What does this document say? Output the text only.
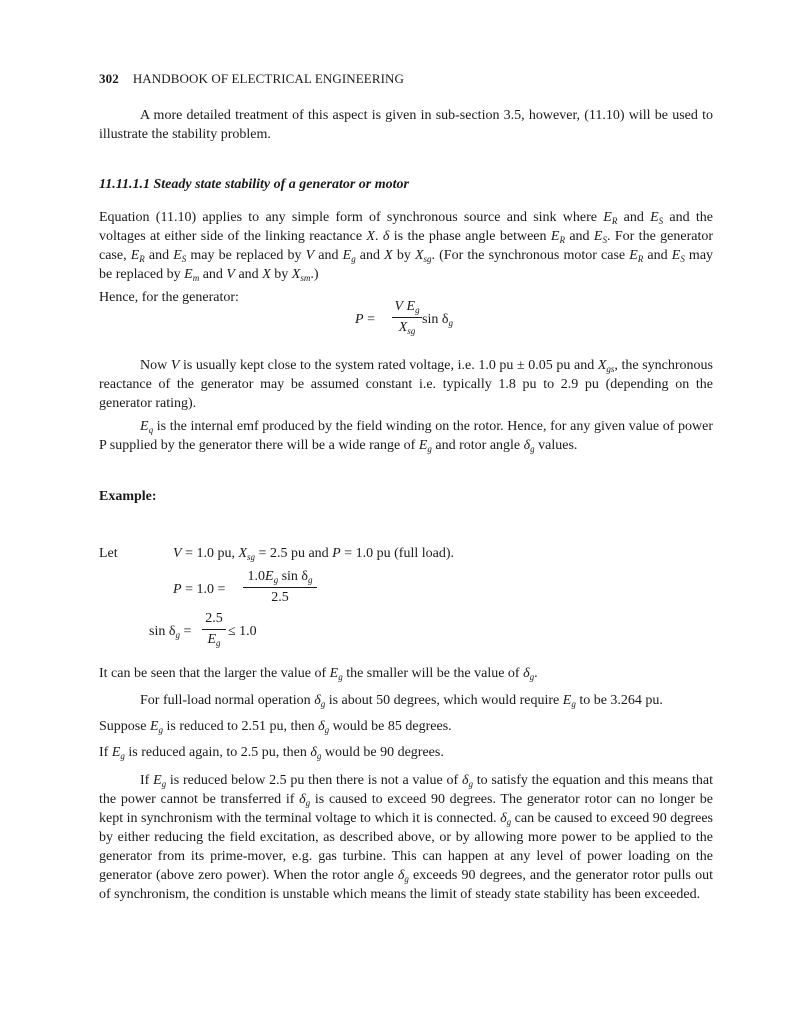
302 HANDBOOK OF ELECTRICAL ENGINEERING

A more detailed treatment of this aspect is given in sub-section 3.5, however, (11.10) will be used to illustrate the stability problem.

11.11.1.1 Steady state stability of a generator or motor

Equation (11.10) applies to any simple form of synchronous source and sink where $E_R$ and $E_S$ and the voltages at either side of the linking reactance X. δ is the phase angle between $E_R$ and $E_S$. For the generator case, $E_R$ and $E_S$ may be replaced by V and $E_g$ and X by $X_{sg}$. (For the synchronous motor case $E_R$ and $E_S$ may be replaced by $E_m$ and V and X by $X_{sm}$.)

Hence, for the generator:
P =
V $E_g$
$X_{sg}$
$\sin \delta_g$

Now V is usually kept close to the system rated voltage, i.e. 1.0 pu ± 0.05 pu and $X_{gs}$, the synchronous reactance of the generator may be assumed constant i.e. typically 1.8 pu to 2.9 pu (depending on the generator rating).

$E_q$ is the internal emf produced by the field winding on the rotor. Hence, for any given value of power P supplied by the generator there will be a wide range of $E_g$ and rotor angle $\delta_g$ values.

Example:
Let	V = 1.0 pu, $X_{sg} = 2.5$ pu and P = 1.0 pu (full load).
P = 1.0 =
$1.0E_g$ $\sin \delta_g$
2.5
$\sin \delta_g$ =
2.5
$E_g$
≤ 1.0
It can be seen that the larger the value of $E_g$ the smaller will be the value of $\delta_g$.
For full-load normal operation $\delta_g$ is about 50 degrees, which would require $E_g$ to be 3.264 pu.
Suppose $E_g$ is reduced to 2.51 pu, then $\delta_g$ would be 85 degrees.
If $E_g$ is reduced again, to 2.5 pu, then $\delta_g$ would be 90 degrees.

If $E_g$ is reduced below 2.5 pu then there is not a value of $\delta_g$ to satisfy the equation and this means that the power cannot be transferred if $\delta_g$ is caused to exceed 90 degrees. The generator rotor can no longer be kept in synchronism with the terminal voltage to which it is connected. $\delta_g$ can be caused to exceed 90 degrees by either reducing the field excitation, as described above, or by allowing more power to be applied to the generator from its prime-mover, e.g. gas turbine. This can happen at any level of power loading on the generator (above zero power). When the rotor angle $\delta_g$ exceeds 90 degrees, and the generator rotor pulls out of synchronism, the condition is unstable which means the limit of steady state stability has been exceeded.
